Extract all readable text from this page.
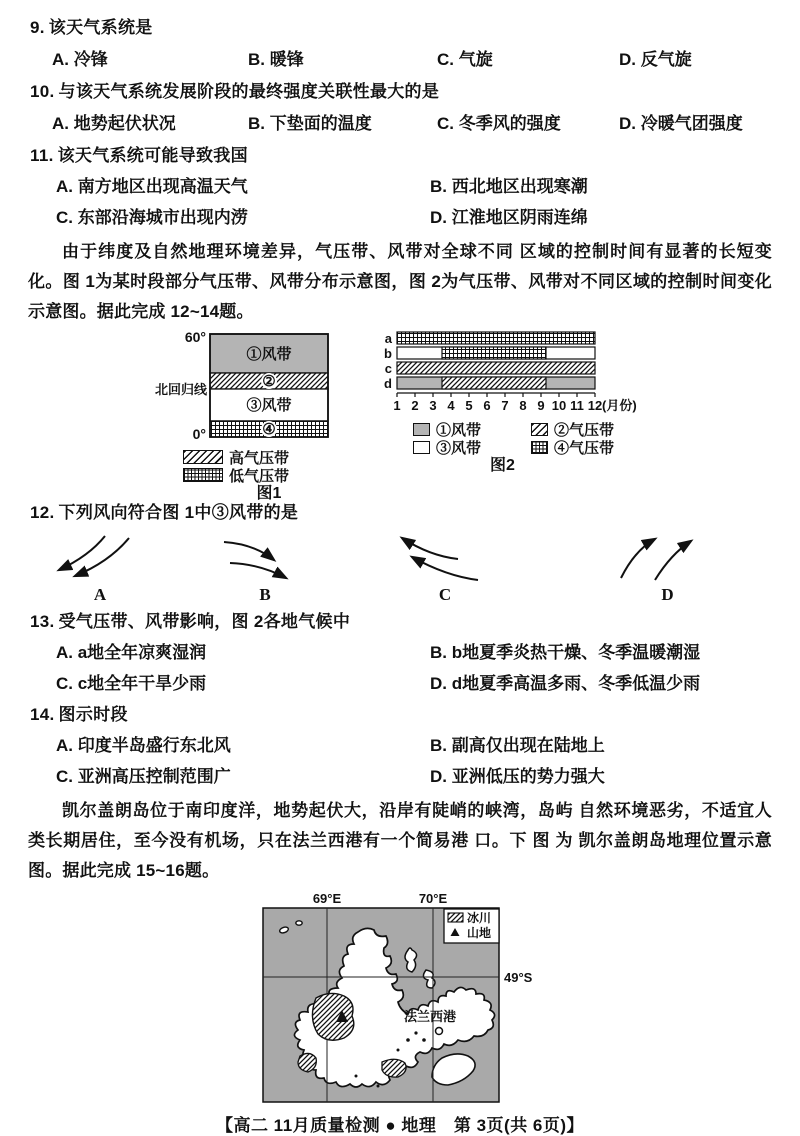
9. 该天气系统是
A. 冷锋	B. 暖锋	C. 气旋	D. 反气旋
10. 与该天气系统发展阶段的最终强度关联性最大的是
A. 地势起伏状况	B. 下垫面的温度	C. 冬季风的强度	D. 冷暖气团强度
11. 该天气系统可能导致我国
A. 南方地区出现高温天气	B. 西北地区出现寒潮
C. 东部沿海城市出现内涝	D. 江淮地区阴雨连绵

由于纬度及自然地理环境差异，气压带、风带对全球不同 区域的控制时间有显著的长短变化。图 1为某时段部分气压带、风带分布示意图，图 2为气压带、风带对不同区域的控制时间变化示意图。据此完成 12~14题。

60°
0°
北回归线
①风带
②
③风带
④
高气压带
低气压带
图1
a
b
c
d
1 2 3 4 5 6 7 8 9 10 11 12 (月份)
①风带	②气压带
③风带	④气压带
图2
12. 下列风向符合图 1中③风带的是
A	B	C	D
13. 受气压带、风带影响，图 2各地气候中
A. a地全年凉爽湿润	B. b地夏季炎热干燥、冬季温暖潮湿
C. c地全年干旱少雨	D. d地夏季高温多雨、冬季低温少雨
14. 图示时段
A. 印度半岛盛行东北风	B. 副高仅出现在陆地上
C. 亚洲高压控制范围广	D. 亚洲低压的势力强大

凯尔盖朗岛位于南印度洋，地势起伏大，沿岸有陡峭的峡湾，岛屿 自然环境恶劣，不适宜人类长期居住，至今没有机场，只在法兰西港有一个简易港 口。下 图 为 凯尔盖朗岛地理位置示意图。据此完成 15~16题。

法兰西港
69°E	70°E
49°S
冰川
山地
【高二 11月质量检测 ● 地理　第 3页(共 6页)】
